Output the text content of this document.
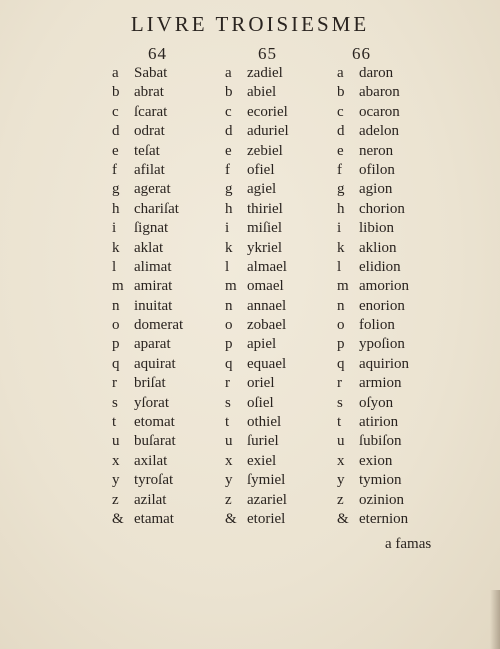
LIVRE TROISIESME
64	65	66
a Sabat
b abrat
c ſcarat
d odrat
e teſat
f afilat
g agerat
h chariſat
i ſignat
k aklat
l alimat
m amirat
n inuitat
o domerat
p aparat
q aquirat
r briſat
s yſorat
t etomat
u buſarat
x axilat
y tyroſat
z azilat
& etamat
a zadiel
b abiel
c ecoriel
d aduriel
e zebiel
f ofiel
g agiel
h thiriel
i miſiel
k ykriel
l almael
m omael
n annael
o zobael
p apiel
q equael
r oriel
s oſiel
t othiel
u ſuriel
x exiel
y ſymiel
z azariel
& etoriel
a daron
b abaron
c ocaron
d adelon
e neron
f ofilon
g agion
h chorion
i libion
k aklion
l elidion
m amorion
n enorion
o folion
p ypoſion
q aquirion
r armion
s oſyon
t atirion
u ſubiſon
x exion
y tymion
z ozinion
& eternion
a famas
